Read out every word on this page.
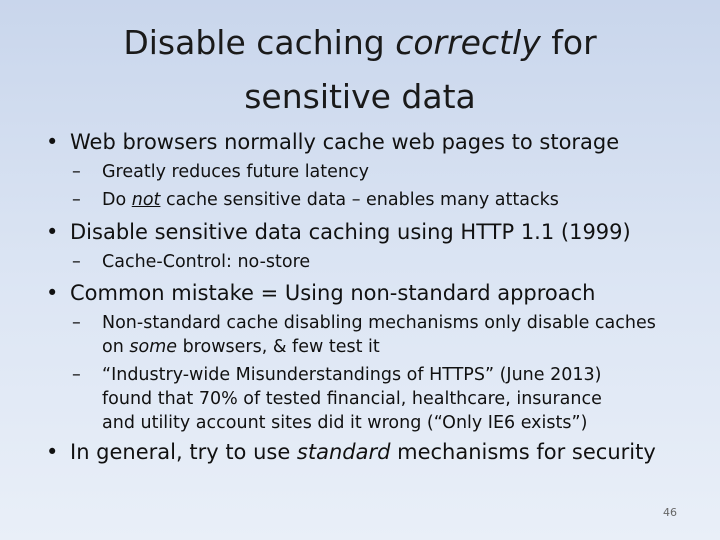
Disable caching correctly for
sensitive data
• Web browsers normally cache web pages to storage
– Greatly reduces future latency
– Do not cache sensitive data – enables many attacks
• Disable sensitive data caching using HTTP 1.1 (1999)
– Cache-Control: no-store
• Common mistake = Using non-standard approach
– Non-standard cache disabling mechanisms only disable caches on some browsers, & few test it
– “Industry-wide Misunderstandings of HTTPS” (June 2013)
found that 70% of tested financial, healthcare, insurance
and utility account sites did it wrong (“Only IE6 exists”)
• In general, try to use standard mechanisms for security
46
